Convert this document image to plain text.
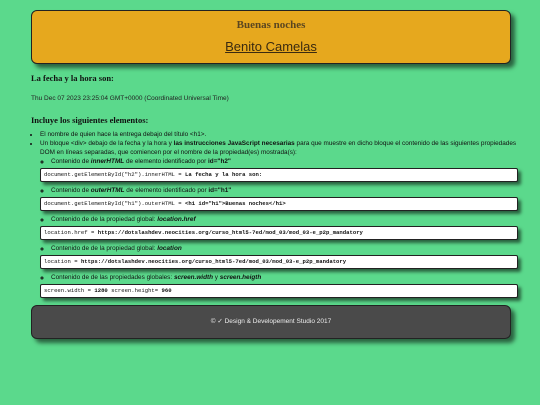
Buenas noches
Benito Camelas
La fecha y la hora son:
Thu Dec 07 2023 23:25:04 GMT+0000 (Coordinated Universal Time)
Incluye los siguientes elementos:
• El nombre de quien hace la entrega debajo del título <h1>.
• Un bloque <div> debajo de la fecha y la hora y las instrucciones JavaScript necesarias para que muestre en dicho bloque el contenido de las siguientes propiedades DOM en líneas separadas, que comiencen por el nombre de la propiedad(es) mostrada(s):
◦ Contenido de innerHTML de elemento identificado por id="h2"
document.getElementById("h2").innerHTML = La fecha y la hora son:
◦ Contenido de outerHTML de elemento identificado por id="h1"
document.getElementById("h1").outerHTML = <h1 id="h1">Buenas noches</h1>
◦ Contenido de de la propiedad global: location.href
location.href = https://dotslashdev.neocities.org/curso_html5-7ed/mod_03/mod_03-e_p2p_mandatory
◦ Contenido de de la propiedad global: location
location = https://dotslashdev.neocities.org/curso_html5-7ed/mod_03/mod_03-e_p2p_mandatory
◦ Contenido de de las propiedades globales: screen.width y screen.heigth
screen.width = 1280 screen.height= 960
© ✓ Design & Developement Studio 2017
